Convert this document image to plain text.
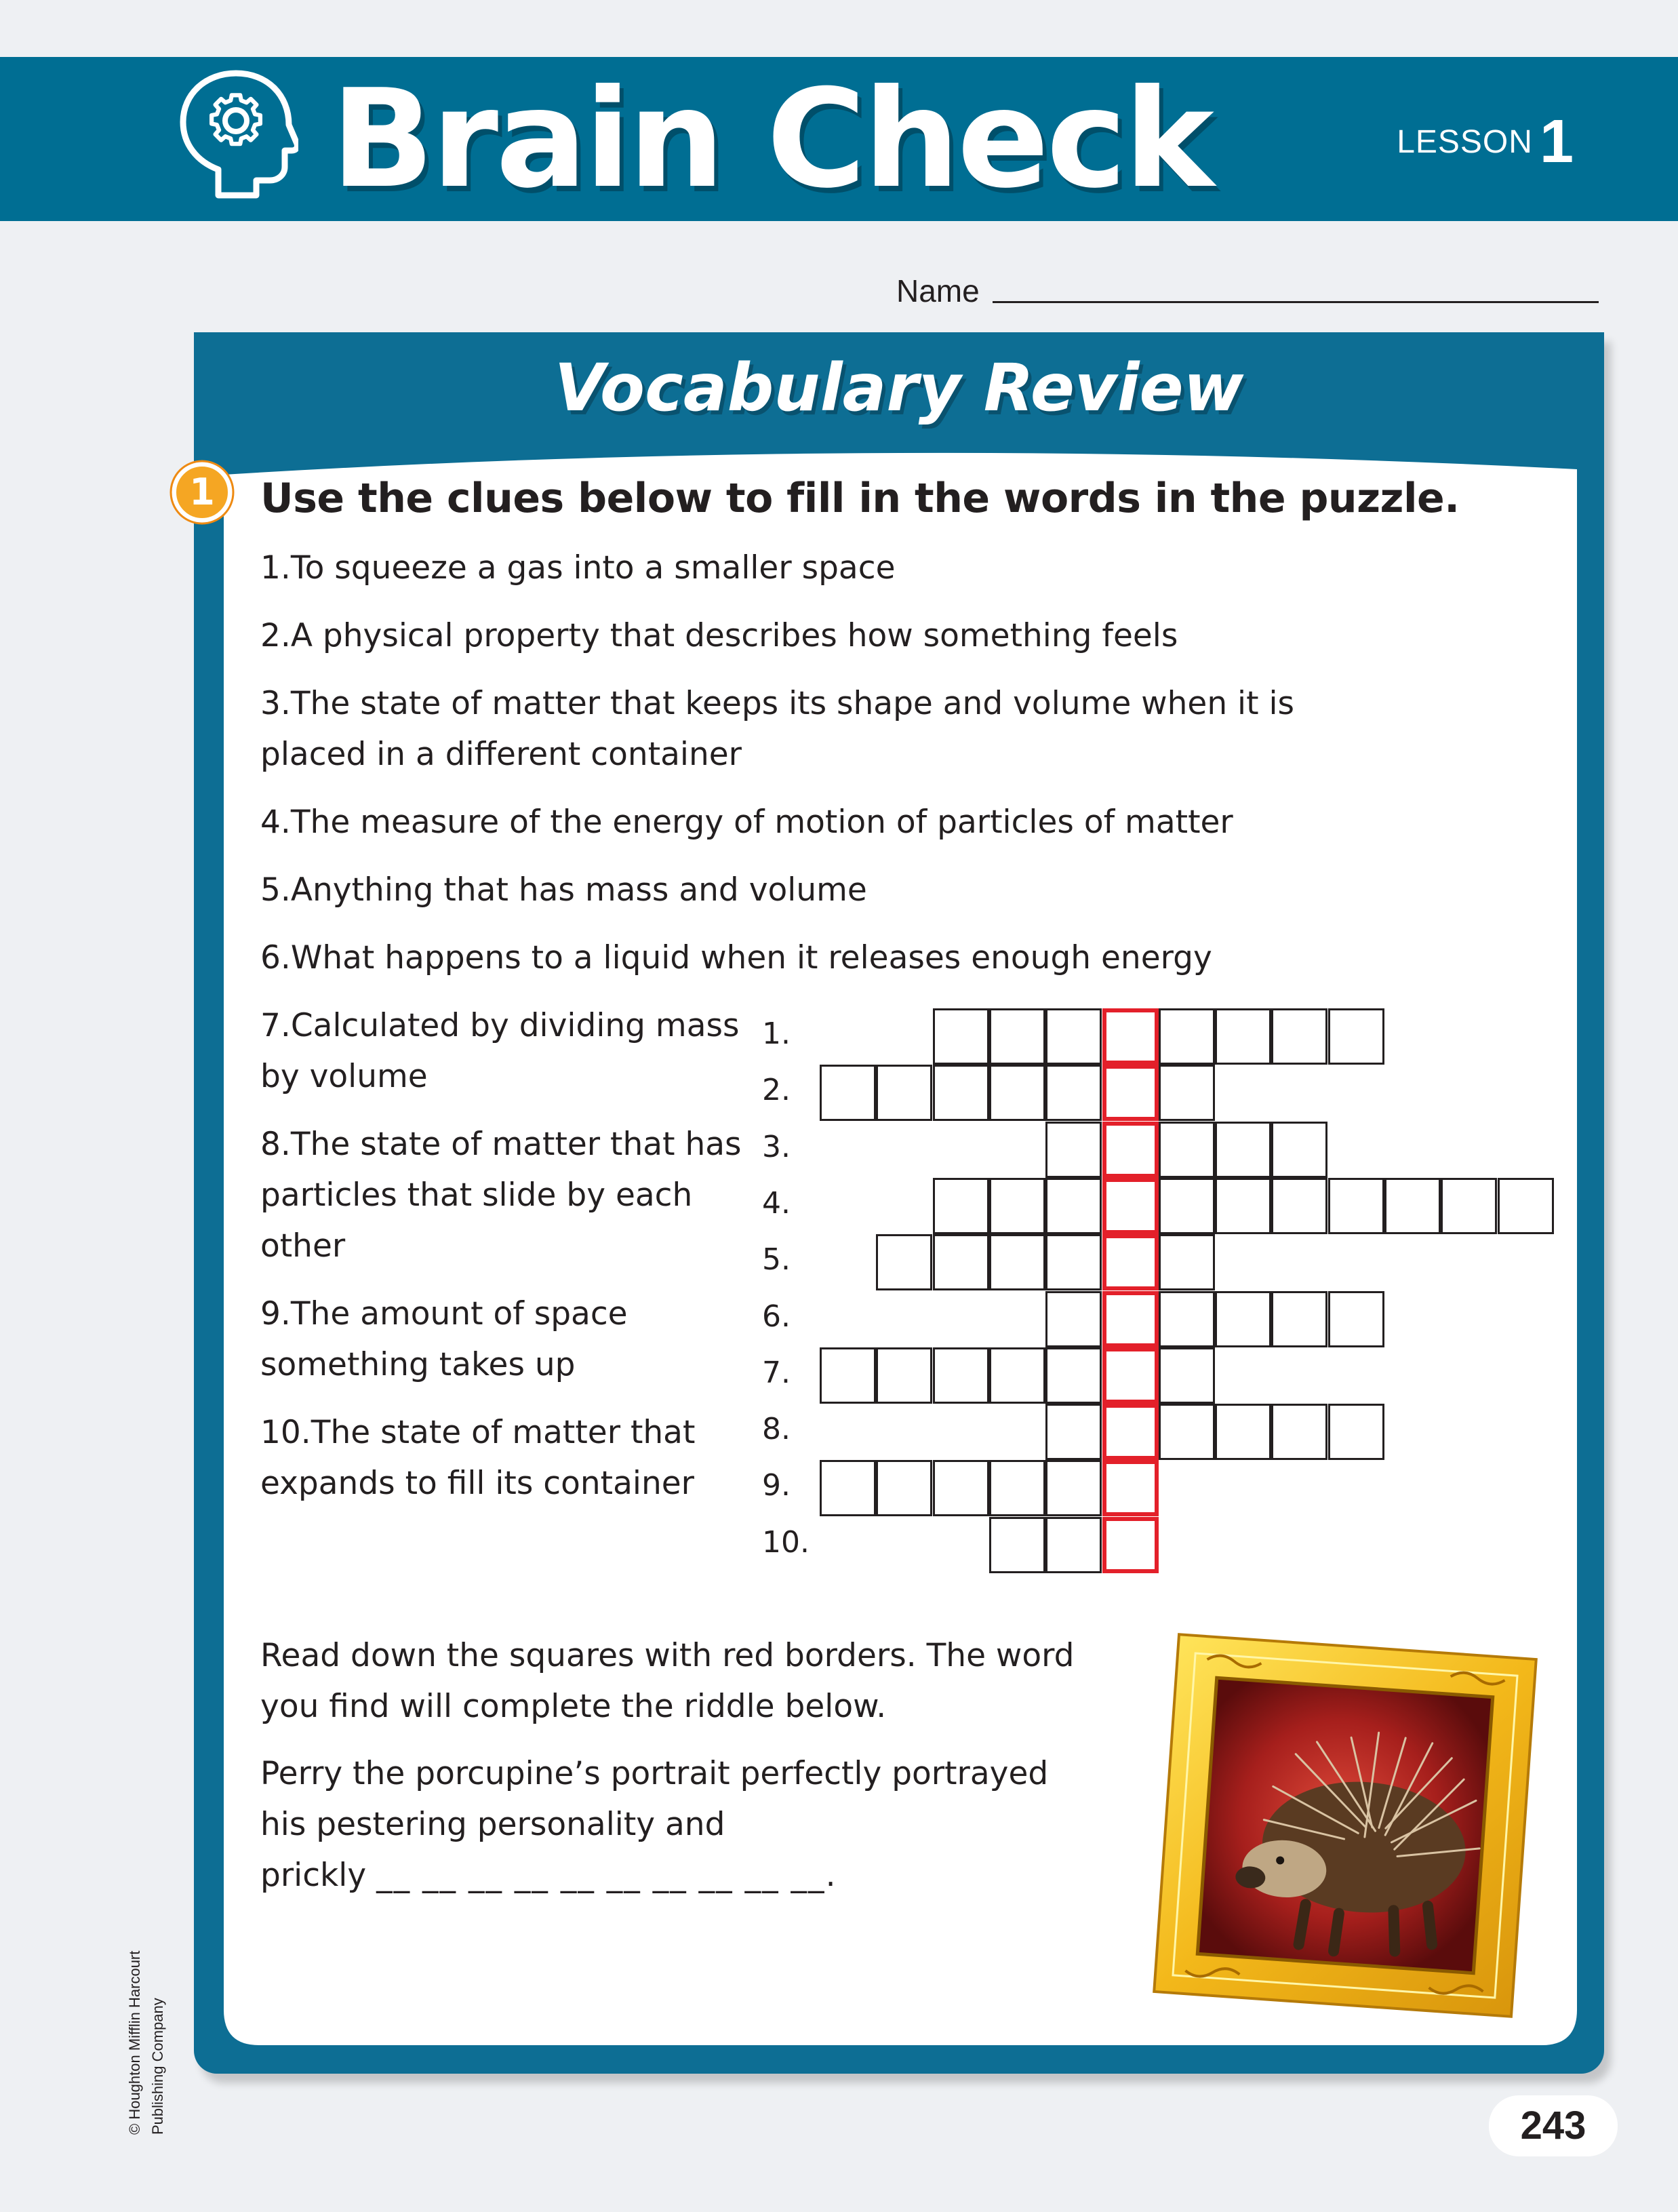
Brain Check	LESSON 1
Name
Vocabulary Review
1 Use the clues below to fill in the words in the puzzle.
1.To squeeze a gas into a smaller space
2.A physical property that describes how something feels
3.The state of matter that keeps its shape and volume when it is
placed in a different container
4.The measure of the energy of motion of particles of matter
5.Anything that has mass and volume
6.What happens to a liquid when it releases enough energy
7.Calculated by dividing mass
by volume
8.The state of matter that has
particles that slide by each
other
9.The amount of space
something takes up
10.The state of matter that
expands to fill its container
1.
2.
3.
4.
5.
6.
7.
8.
9.
10.
Read down the squares with red borders. The word
you find will complete the riddle below.
Perry the porcupine’s portrait perfectly portrayed
his pestering personality and
prickly __ __ __ __ __ __ __ __ __ __.
© Houghton Mifflin Harcourt Publishing Company	243
